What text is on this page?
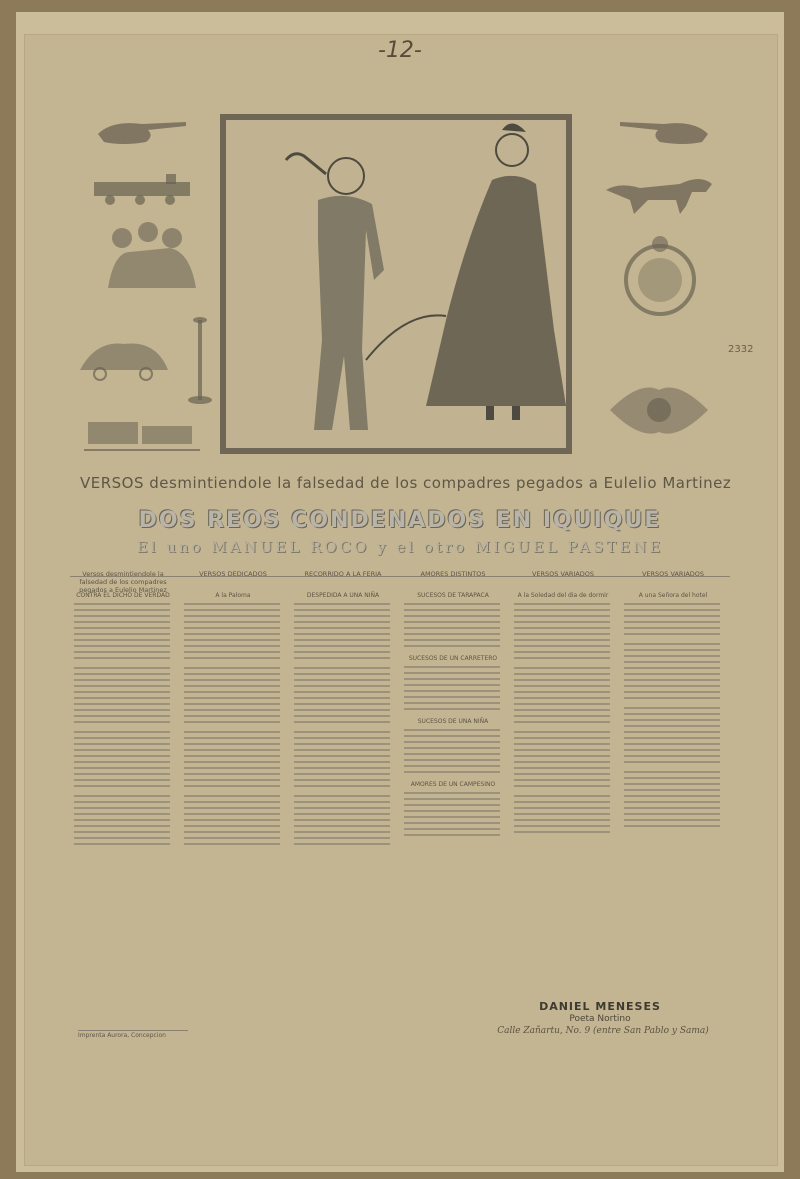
-12-
2332
VERSOS desmintiendole la falsedad de los compadres pegados a Eulelio Martinez
DOS REOS CONDENADOS EN IQUIQUE
El uno MANUEL ROCO y el otro MIGUEL PASTENE
Versos desmintiendole la falsedad de los compadres pegados a Eulelio Martinez
CONTRA EL DICHO DE VERDAD
VERSOS DEDICADOS
A la Paloma
RECORRIDO A LA FERIA
DESPEDIDA A UNA NIÑA
AMORES DISTINTOS
SUCESOS DE TARAPACA
SUCESOS DE UN CARRETERO
SUCESOS DE UNA NIÑA
AMORES DE UN CAMPESINO
VERSOS VARIADOS
A la Soledad del dia de dormir
VERSOS VARIADOS
A una Señora del hotel
DANIEL MENESES
Poeta Nortino
Calle Zañartu, No. 9 (entre San Pablo y Sama)
Imprenta Aurora, Concepcion
